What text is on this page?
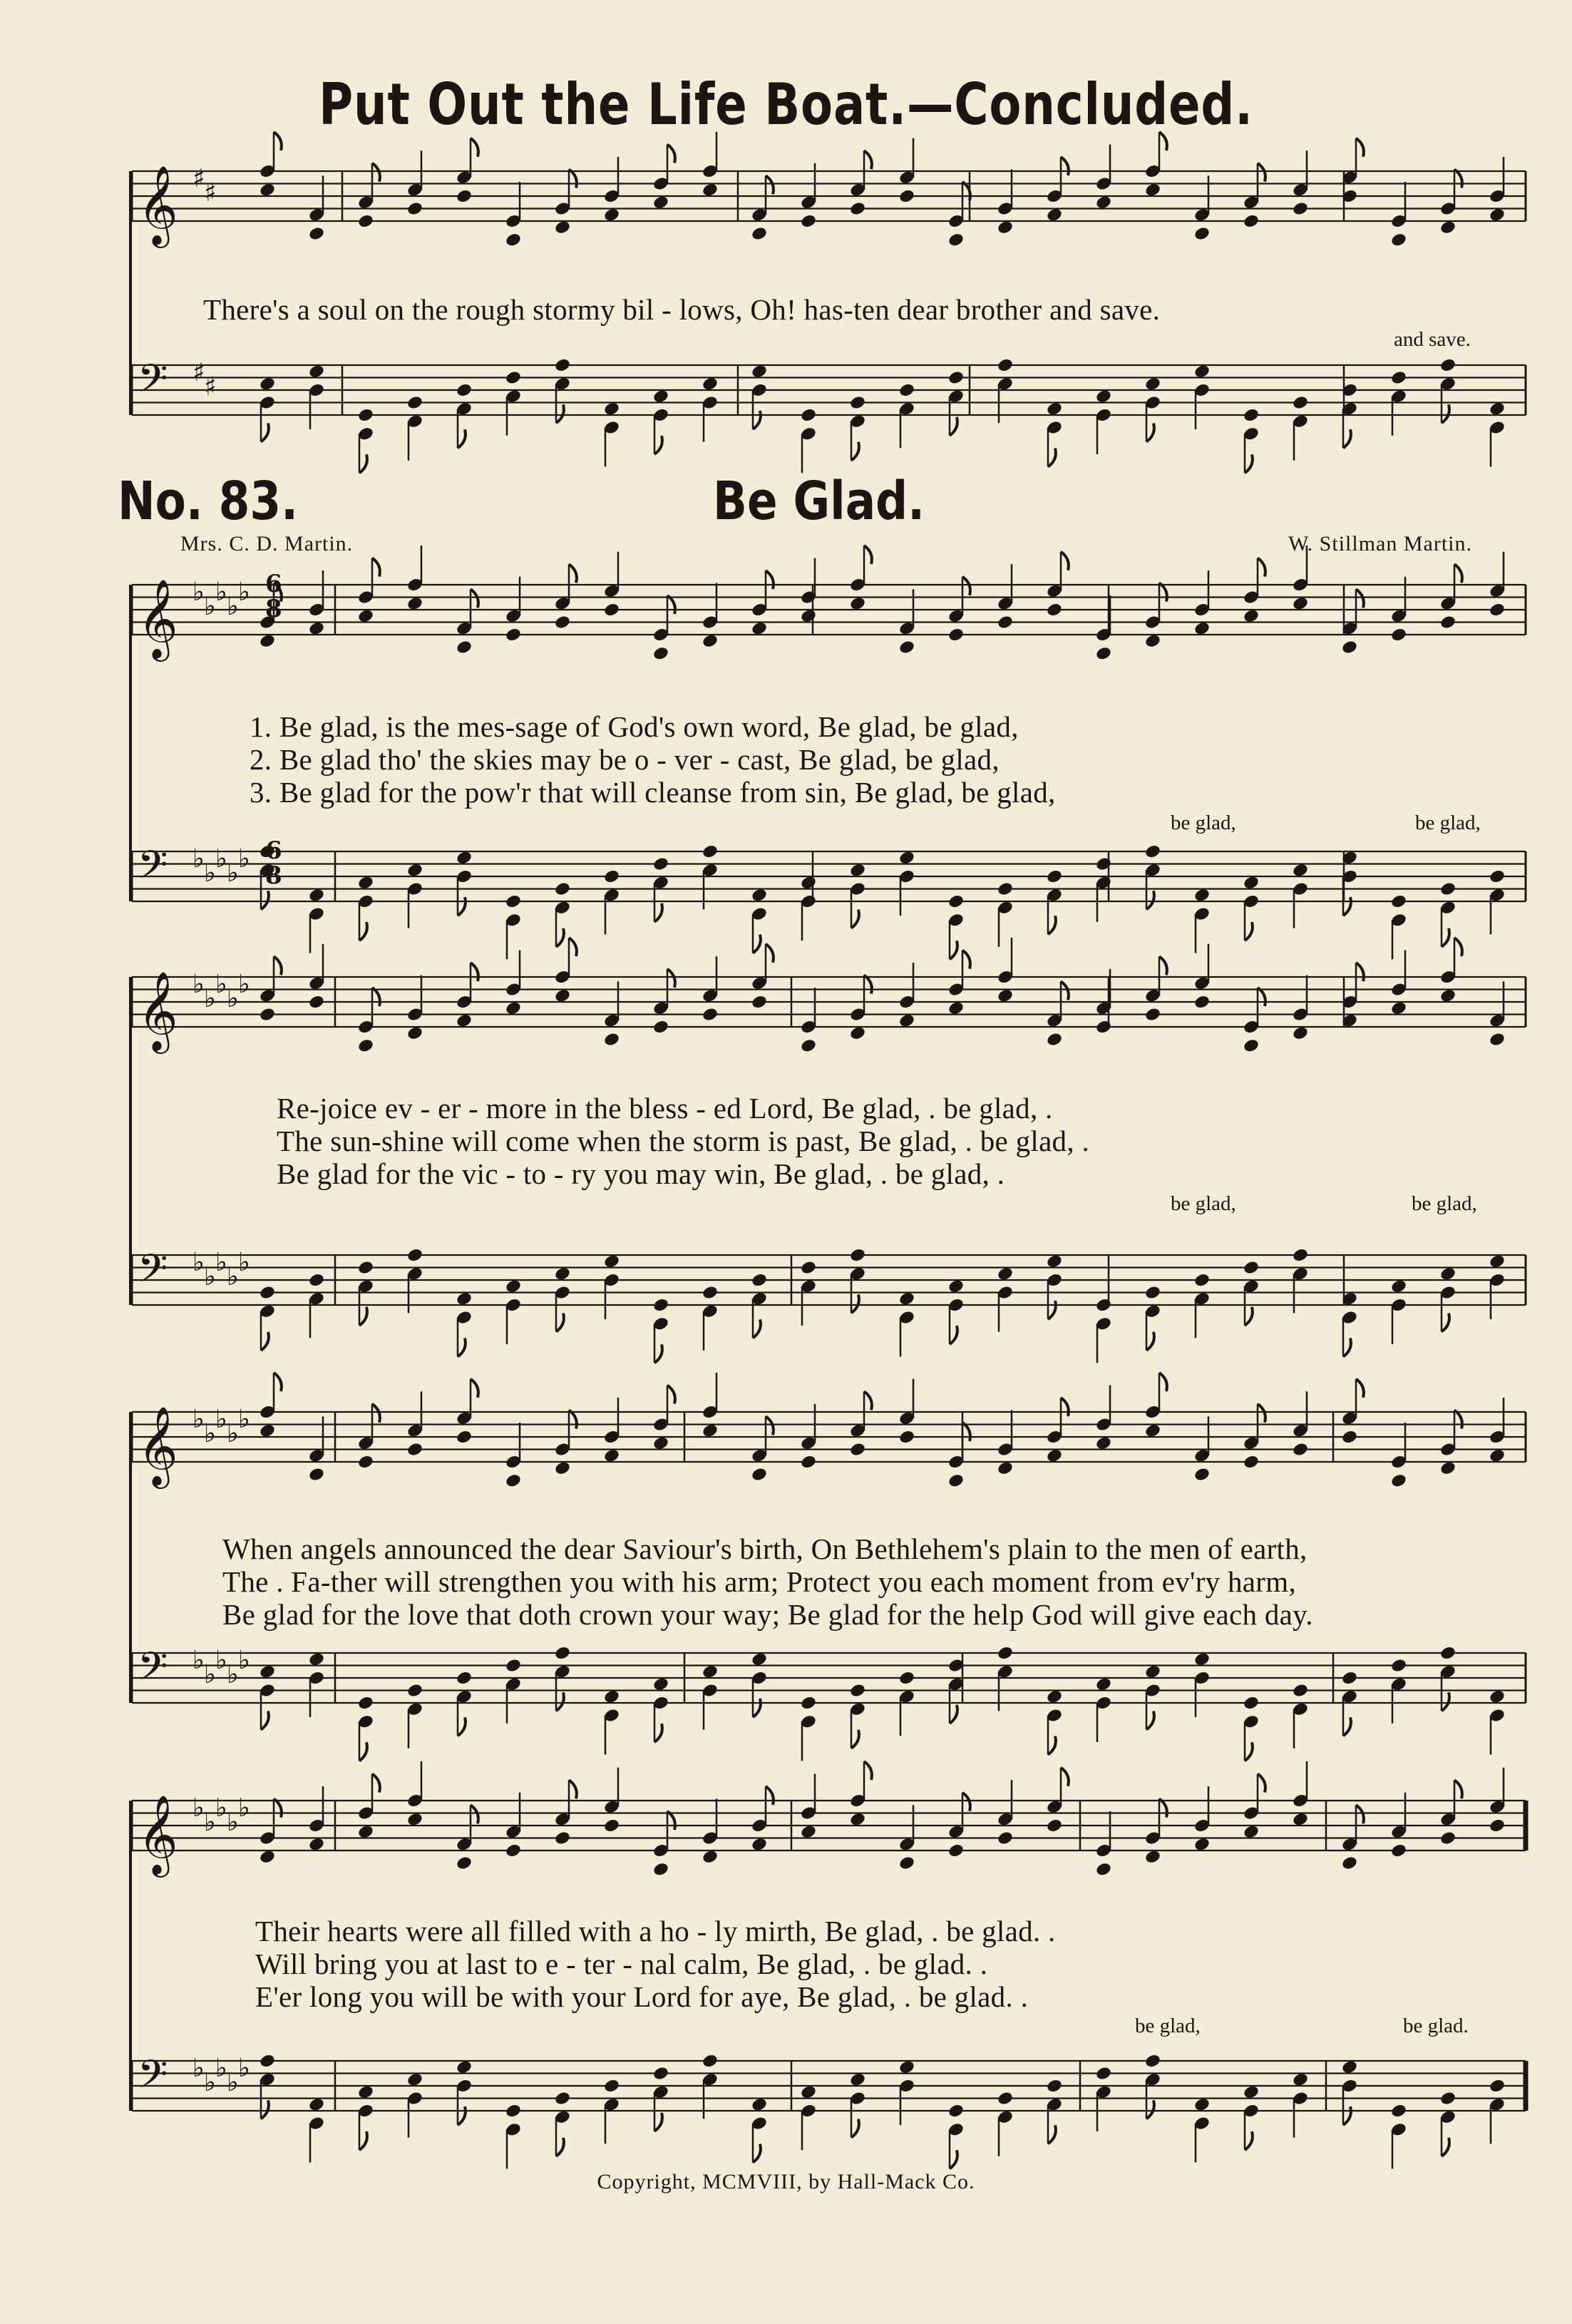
Put Out the Life Boat.—Concluded.
There's a soul on the rough stormy bil - lows, Oh! has-ten dear brother and save.
and save.
No. 83.	Be Glad.
Mrs. C. D. Martin.	W. Stillman Martin.
1. Be glad, is the mes-sage of God's own word, Be glad, be glad,
2. Be glad tho' the skies may be o - ver - cast, Be glad, be glad,
3. Be glad for the pow'r that will cleanse from sin, Be glad, be glad,
be glad,	be glad,
Re-joice ev - er - more in the bless - ed Lord, Be glad, . be glad, .
The sun-shine will come when the storm is past, Be glad, . be glad, .
Be glad for the vic - to - ry you may win, Be glad, . be glad, .
be glad,	be glad,
When angels announced the dear Saviour's birth, On Bethlehem's plain to the men of earth,
The . Fa-ther will strengthen you with his arm; Protect you each moment from ev'ry harm,
Be glad for the love that doth crown your way; Be glad for the help God will give each day.
Their hearts were all filled with a ho - ly mirth, Be glad, . be glad. .
Will bring you at last to e - ter - nal calm, Be glad, . be glad. .
E'er long you will be with your Lord for aye, Be glad, . be glad. .
be glad,	be glad.
Copyright, MCMVIII, by Hall-Mack Co.
𝄞 ♯
♯
𝄢 ♯
♯
𝄞 ♭ ♭ ♭ ♭ ♭
𝄢 ♭ ♭ ♭ ♭ ♭
𝄞 ♭ ♭ ♭ ♭ ♭
𝄢 ♭ ♭ ♭ ♭ ♭
𝄞 ♭ ♭ ♭ ♭ ♭
𝄢 ♭ ♭ ♭ ♭ ♭
𝄞 ♭ ♭ ♭ ♭ ♭
𝄢 ♭ ♭ ♭ ♭ ♭
6
8
6
8
